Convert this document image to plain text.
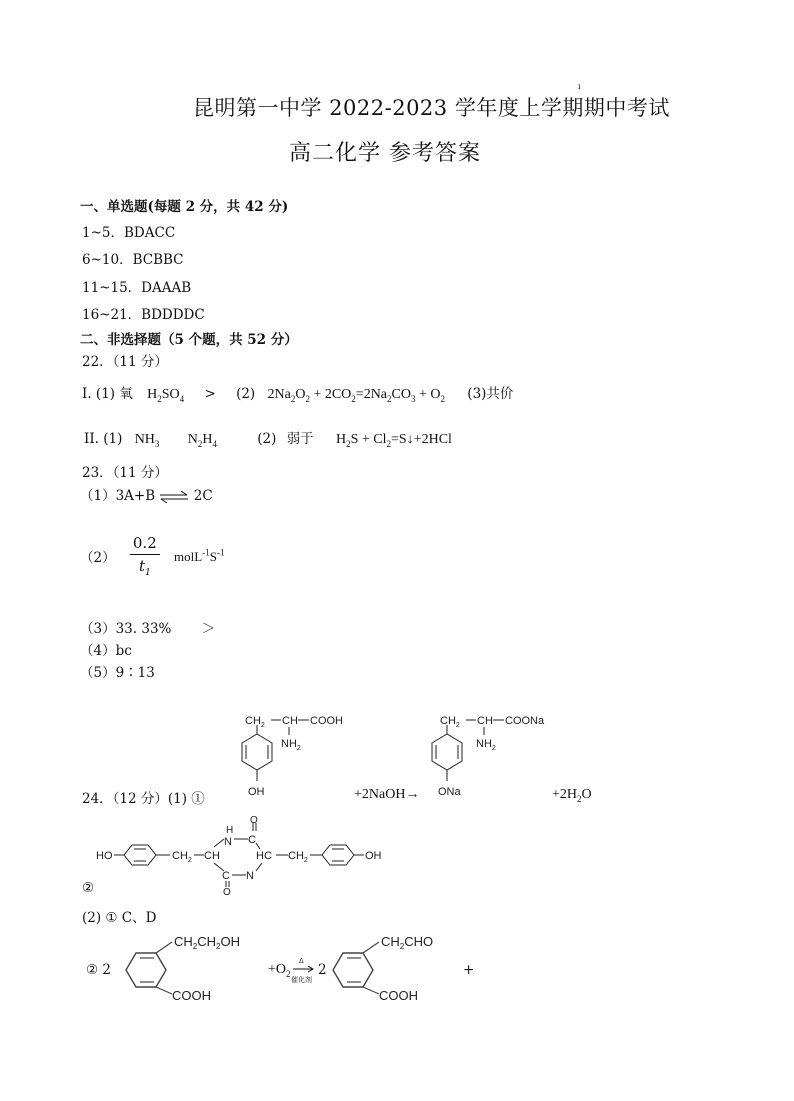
ı
昆明第一中学 2022-2023 学年度上学期期中考试
高二化学 参考答案
一、单选题(每题 2 分，共 42 分)
1~5．BDACC
6~10．BCBBC
11~15．DAAAB
16~21．BDDDDC
二、非选择题（5 个题，共 52 分）
22．（11 分）
I. (1) 氧 $H_2SO_4 > (2) 2Na_2O_2 + 2CO_2=2Na_2CO_3 + O_2$ (3)共价
II. (1) $NH_3$ $N_2H_4$	(2) 弱于 $H_2S$ + $Cl_2=S↓+2HCl$
23．（11 分）
（1）3A+B ⇌ 2C
$(2) \frac{0.2}{t_1}$ $molL^{-1}S^{-1}$
（3）33. 33% ＞
（4）bc
（5）9∶13
$CH_2$ CH COOH
$NH_2$
OH
$CH_2$ CH COONa
$NH_2$
ONa
24．（12 分）(1) ①	+2NaOH→	$+2H_2O$
HO	$CH_2$ CH
H
N C
O
HC
C
O
N
$CH_2$	OH
②
(2) ① C、D
② 2
$CH_2CH_2OH$
COOH
$+O_2$
Δ
催化剂
2
$CH_2CHO$
COOH
+
